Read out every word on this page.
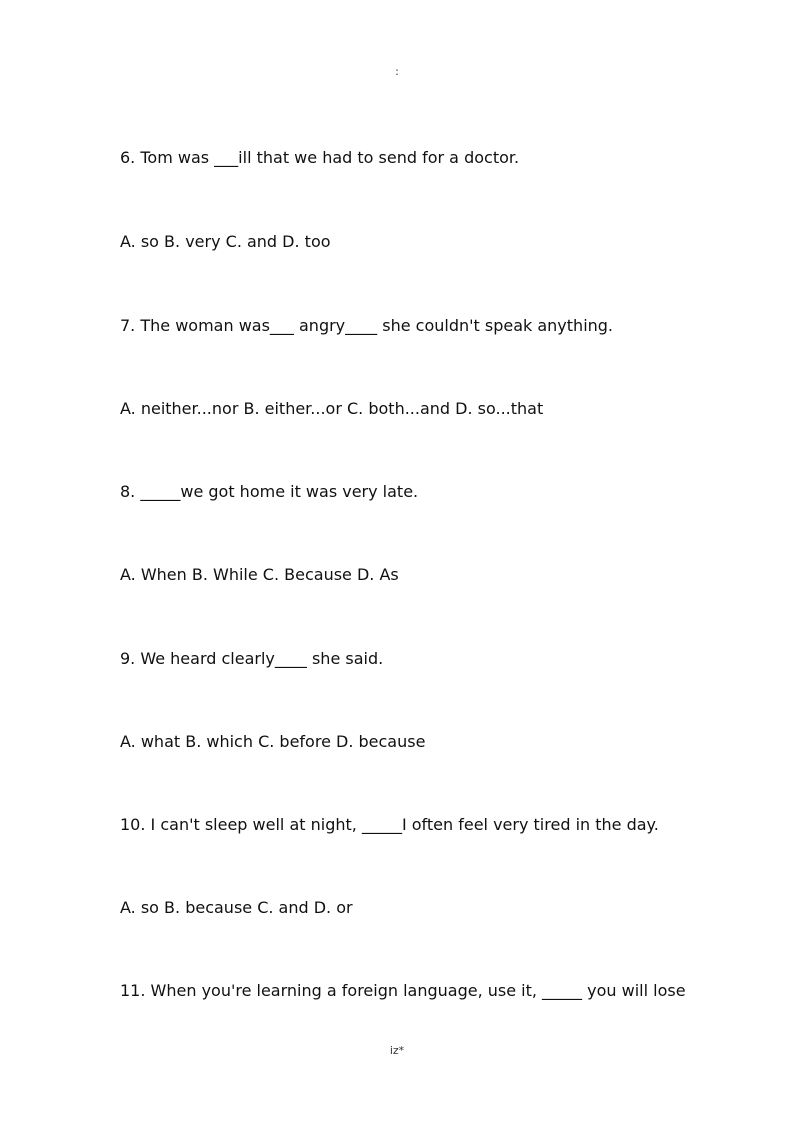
:
6. Tom was ___ill that we had to send for a doctor.
A. so B. very C. and D. too
7. The woman was___ angry____ she couldn't speak anything.
A. neither...nor B. either...or C. both...and D. so...that
8. _____we got home it was very late.
A. When B. While C. Because D. As
9. We heard clearly____ she said.
A. what B. which C. before D. because
10. I can't sleep well at night, _____I often feel very tired in the day.
A. so B. because C. and D. or
11. When you're learning a foreign language, use it, _____ you will lose
iz*
